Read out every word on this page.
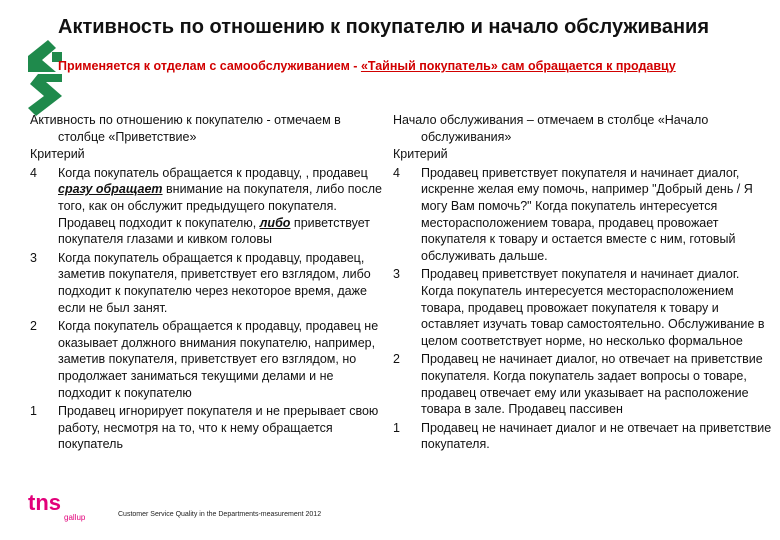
Активность по отношению к покупателю и начало обслуживания
Применяется к отделам с самообслуживанием - «Тайный покупатель» сам обращается к продавцу
Активность по отношению к покупателю - отмечаем в столбце «Приветствие»
Критерий
4	Когда покупатель обращается к продавцу, , продавец сразу обращает внимание на покупателя, либо после того, как он обслужит предыдущего покупателя. Продавец подходит к покупателю, либо приветствует покупателя глазами и кивком головы
3	Когда покупатель обращается к продавцу, продавец, заметив покупателя, приветствует его взглядом, либо подходит к покупателю через некоторое время, даже если не был занят.
2	Когда покупатель обращается к продавцу, продавец не оказывает должного внимания покупателю, например, заметив покупателя, приветствует его взглядом, но продолжает заниматься текущими делами и не подходит к покупателю
1	Продавец игнорирует покупателя и не прерывает свою работу, несмотря на то, что к нему обращается покупатель
Начало обслуживания – отмечаем в столбце «Начало обслуживания»
Критерий
4	Продавец приветствует покупателя и начинает диалог, искренне желая ему помочь, например "Добрый день / Я могу Вам помочь?" Когда покупатель интересуется месторасположением товара, продавец провожает покупателя к товару и остается вместе с ним, готовый обслуживать дальше.
3	Продавец приветствует покупателя и начинает диалог. Когда покупатель интересуется месторасположением товара, продавец провожает покупателя к товару и оставляет изучать товар самостоятельно. Обслуживание в целом соответствует норме, но несколько формальное
2	Продавец не начинает диалог, но отвечает на приветствие покупателя. Когда покупатель задает вопросы о товаре, продавец отвечает ему или указывает на расположение товара в зале. Продавец пассивен
1	Продавец не начинает диалог и не отвечает на приветствие покупателя.
tns
gallup	Customer Service Quality in the Departments-measurement 2012
